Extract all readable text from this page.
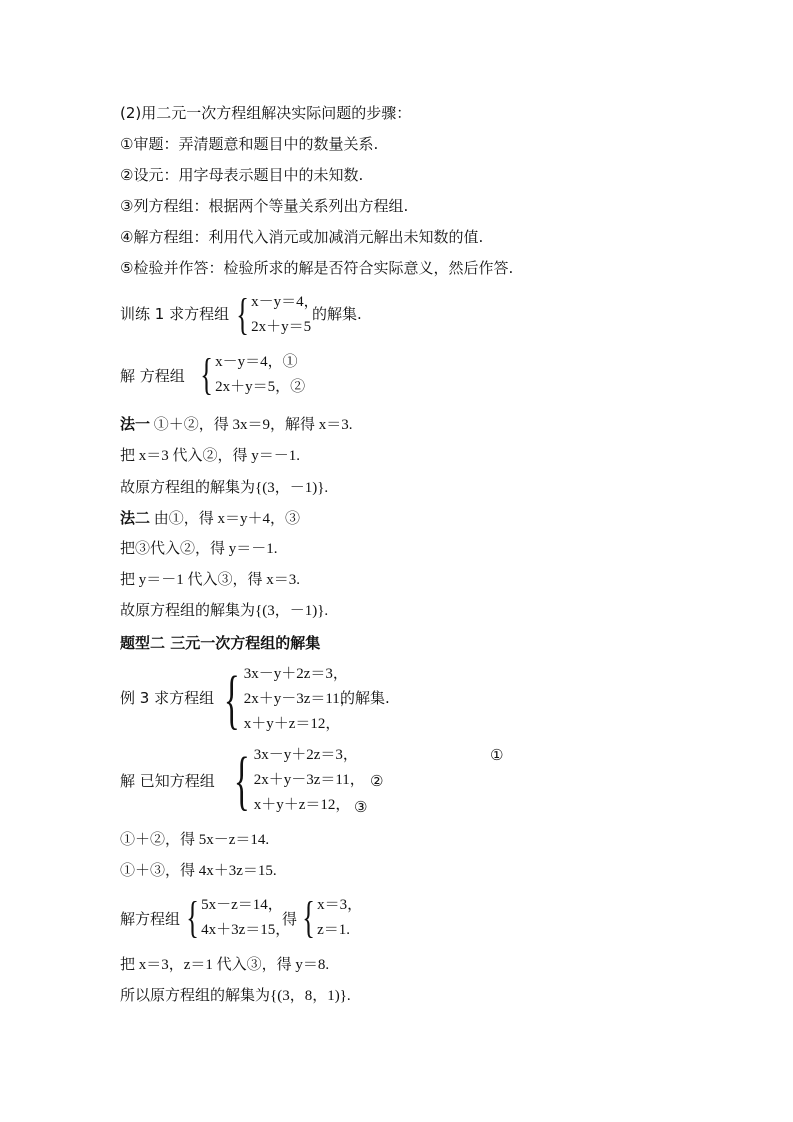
(2)用二元一次方程组解决实际问题的步骤：
①审题：弄清题意和题目中的数量关系.
②设元：用字母表示题目中的未知数.
③列方程组：根据两个等量关系列出方程组.
④解方程组：利用代入消元或加减消元解出未知数的值.
⑤检验并作答：检验所求的解是否符合实际意义，然后作答.
训练 1 求方程组 { x－y＝4，
2x＋y＝5
的解集.
解 方程组 { x－y＝4，①
2x＋y＝5，②
法一 ①＋②，得 3x＝9，解得 x＝3.
把 x＝3 代入②，得 y＝－1.
故原方程组的解集为{(3，－1)}.
法二 由①，得 x＝y＋4，③
把③代入②，得 y＝－1.
把 y＝－1 代入③，得 x＝3.
故原方程组的解集为{(3，－1)}.
题型二 三元一次方程组的解集
例 3 求方程组 { 3x－y＋2z＝3，
2x＋y－3z＝11，
x＋y＋z＝12，
的解集.
解 已知方程组 { 3x－y＋2z＝3，
2x＋y－3z＝11，
x＋y＋z＝12，
①
②
③
①＋②，得 5x－z＝14.
①＋③，得 4x＋3z＝15.
解方程组 { 5x－z＝14，
4x＋3z＝15，
得 { x＝3，
z＝1.
把 x＝3，z＝1 代入③，得 y＝8.
所以原方程组的解集为{(3，8，1)}.
